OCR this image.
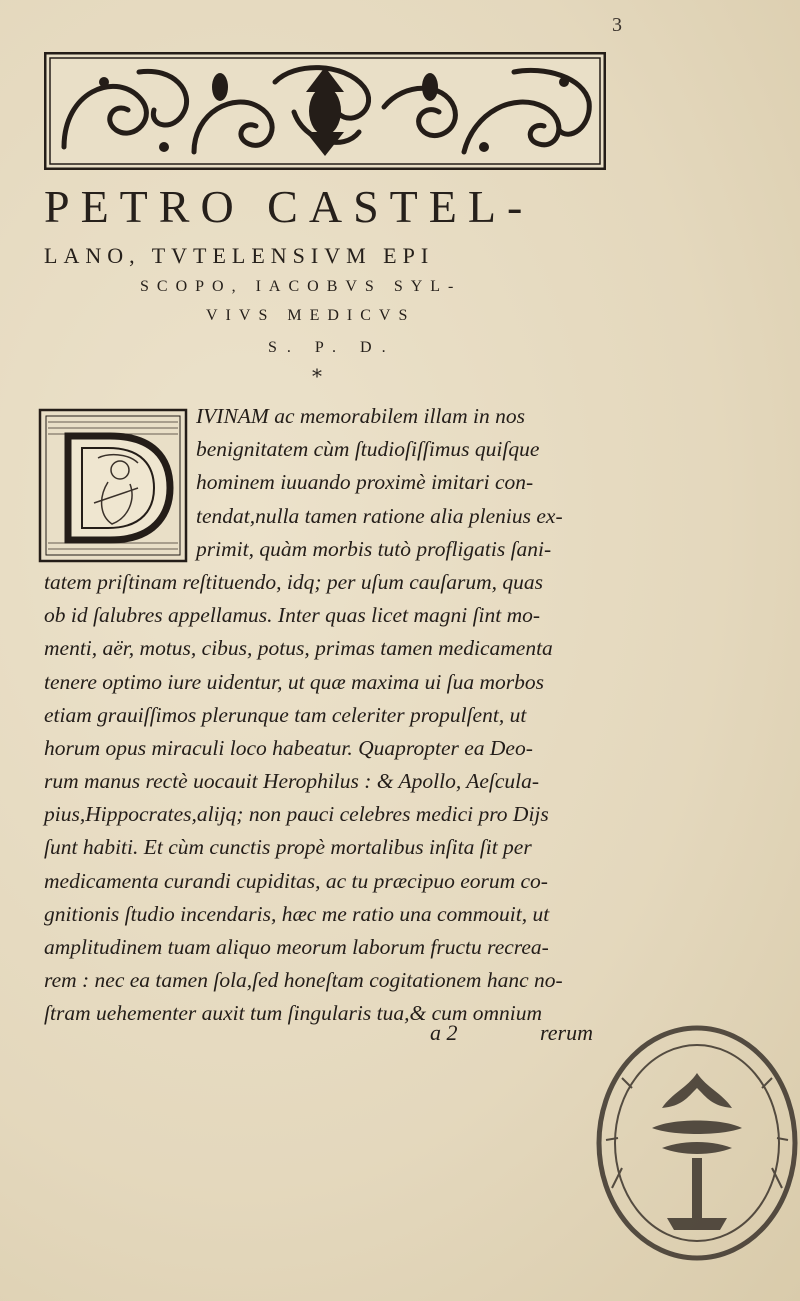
3
PETRO CASTEL-
LANO, TVTELENSIVM EPI
SCOPO, IACOBVS SYL-
VIVS MEDICVS
S. P. D.
*
IVINAM ac memorabilem illam in nos
benignitatem cùm ſtudioſiſſimus quiſque
hominem iuuando proximè imitari con-
tendat,nulla tamen ratione alia plenius ex-
primit, quàm morbis tutò profligatis ſani-
tatem priſtinam reſtituendo, idq; per uſum cauſarum, quas
ob id ſalubres appellamus. Inter quas licet magni ſint mo-
menti, aër, motus, cibus, potus, primas tamen medicamenta
tenere optimo iure uidentur, ut quæ maxima ui ſua morbos
etiam grauiſſimos plerunque tam celeriter propulſent, ut
horum opus miraculi loco habeatur. Quapropter ea Deo-
rum manus rectè uocauit Herophilus : & Apollo, Aeſcula-
pius,Hippocrates,alijq; non pauci celebres medici pro Dijs
ſunt habiti. Et cùm cunctis propè mortalibus inſita ſit per
medicamenta curandi cupiditas, ac tu præcipuo eorum co-
gnitionis ſtudio incendaris, hæc me ratio una commouit, ut
amplitudinem tuam aliquo meorum laborum fructu recrea-
rem : nec ea tamen ſola,ſed honeſtam cogitationem hanc no-
ſtram uehementer auxit tum ſingularis tua,& cum omnium
a 2	rerum
